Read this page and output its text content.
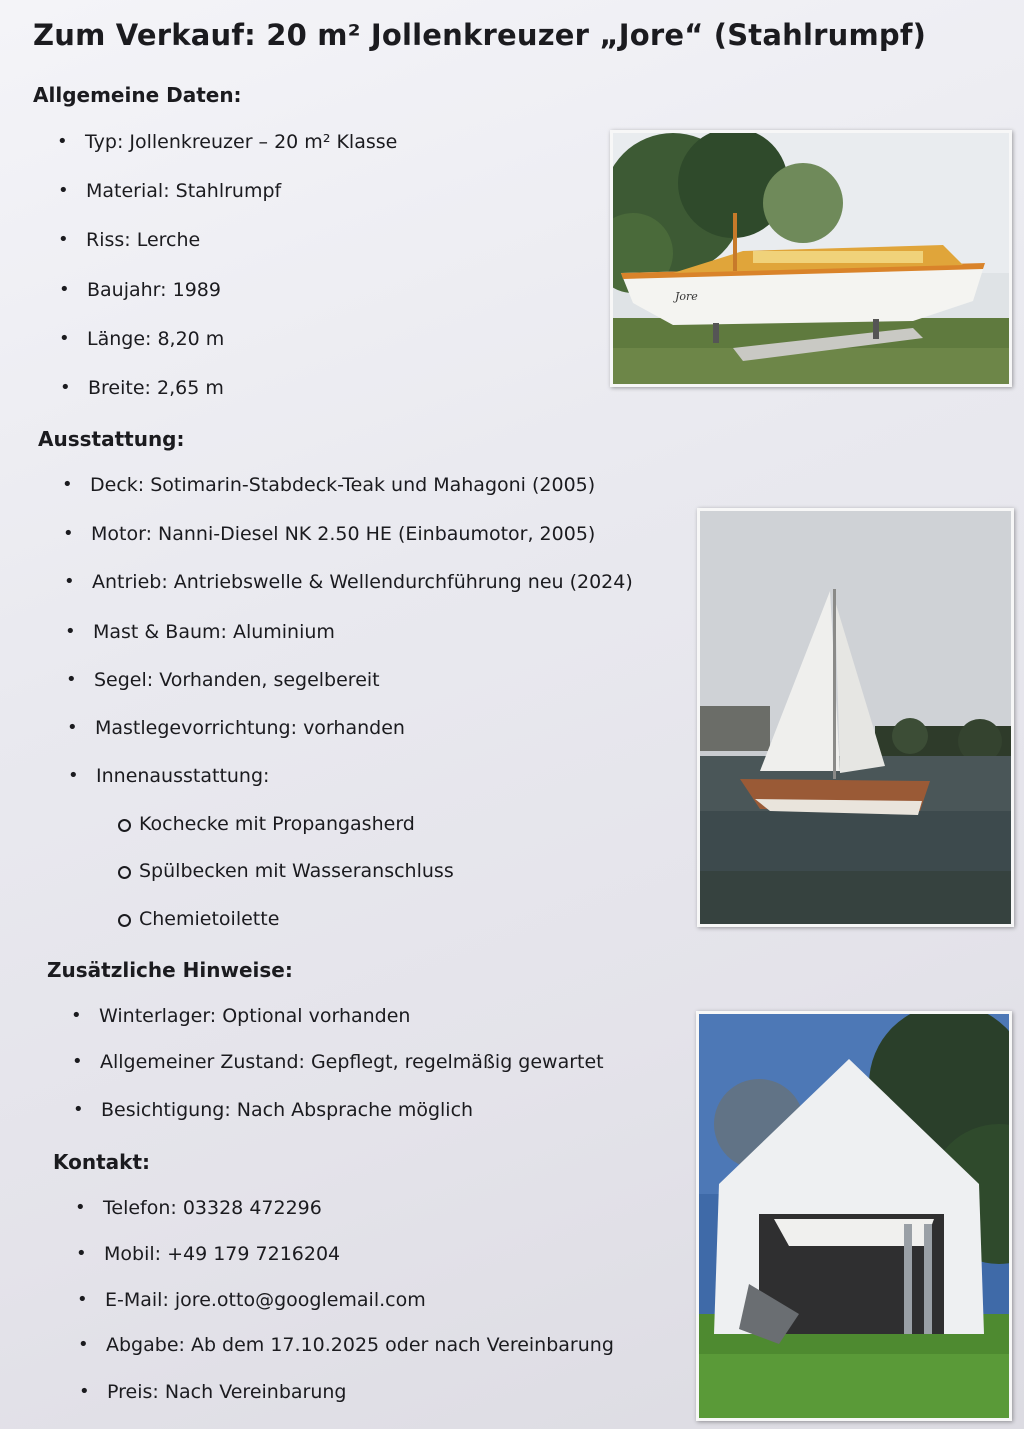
Zum Verkauf: 20 m² Jollenkreuzer „Jore“ (Stahlrumpf)
Allgemeine Daten:
• Typ: Jollenkreuzer – 20 m² Klasse
• Material: Stahlrumpf
• Riss: Lerche
• Baujahr: 1989
• Länge: 8,20 m
• Breite: 2,65 m
Ausstattung:
• Deck: Sotimarin-Stabdeck-Teak und Mahagoni (2005)
• Motor: Nanni-Diesel NK 2.50 HE (Einbaumotor, 2005)
• Antrieb: Antriebswelle & Wellendurchführung neu (2024)
• Mast & Baum: Aluminium
• Segel: Vorhanden, segelbereit
• Mastlegevorrichtung: vorhanden
• Innenausstattung:
Kochecke mit Propangasherd
Spülbecken mit Wasseranschluss
Chemietoilette
Zusätzliche Hinweise:
• Winterlager: Optional vorhanden
• Allgemeiner Zustand: Gepflegt, regelmäßig gewartet
• Besichtigung: Nach Absprache möglich
Kontakt:
• Telefon: 03328 472296
• Mobil: +49 179 7216204
• E-Mail: jore.otto@googlemail.com
• Abgabe: Ab dem 17.10.2025 oder nach Vereinbarung
• Preis: Nach Vereinbarung
Jore
